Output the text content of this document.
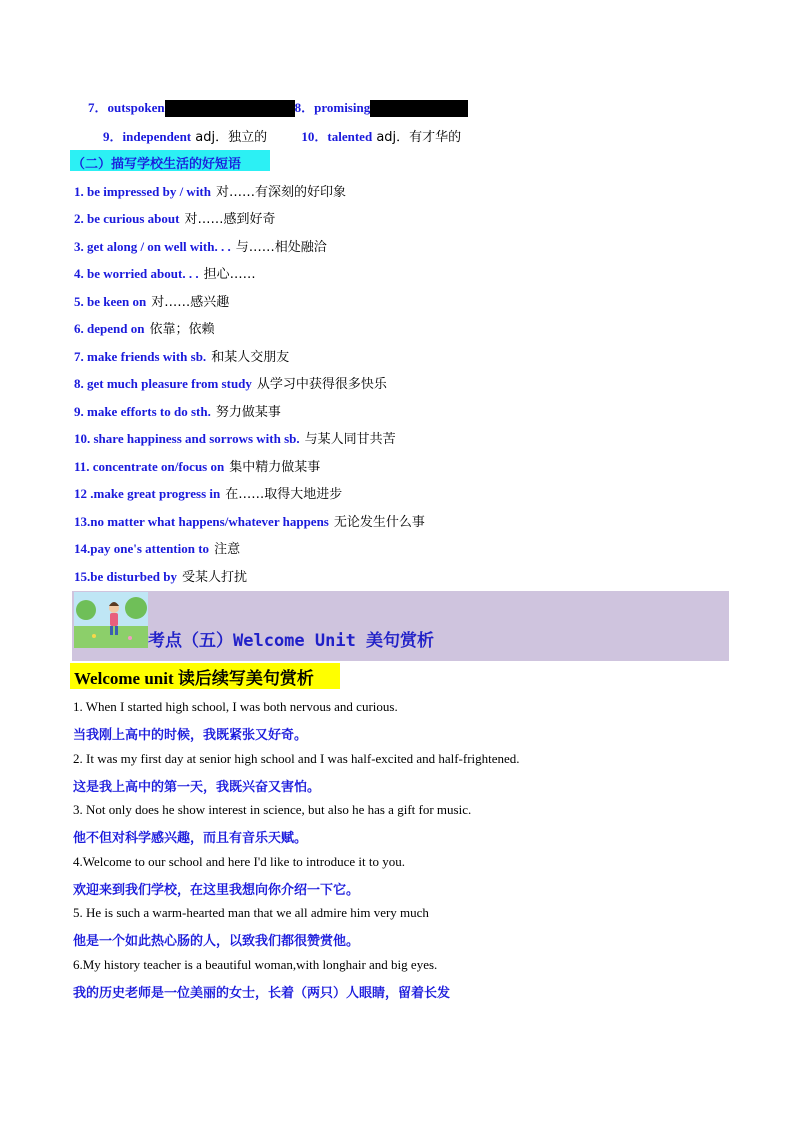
7．outspoken	8．promising
9．independent adj．独立的	10．talented adj．有才华的
（二）描写学校生活的好短语
1. be impressed by / with 对……有深刻的好印象
2. be curious about 对……感到好奇
3. get along / on well with. . . 与……相处融洽
4. be worried about. . . 担心……
5. be keen on 对……感兴趣
6. depend on 依靠；依赖
7. make friends with sb. 和某人交朋友
8. get much pleasure from study 从学习中获得很多快乐
9. make efforts to do sth. 努力做某事
10. share happiness and sorrows with sb. 与某人同甘共苦
11. concentrate on/focus on 集中精力做某事
12 .make great progress in 在……取得大地进步
13.no matter what happens/whatever happens 无论发生什么事
14.pay one's attention to 注意
15.be disturbed by 受某人打扰
考点（五）Welcome Unit 美句赏析
Welcome unit 读后续写美句赏析
1. When I started high school, I was both nervous and curious.
当我刚上高中的时候，我既紧张又好奇。
2. It was my first day at senior high school and I was half-excited and half-frightened.
这是我上高中的第一天，我既兴奋又害怕。
3. Not only does he show interest in science, but also he has a gift for music.
他不但对科学感兴趣，而且有音乐天赋。
4.Welcome to our school and here I'd like to introduce it to you.
欢迎来到我们学校，在这里我想向你介绍一下它。
5. He is such a warm-hearted man that we all admire him very much
他是一个如此热心肠的人，以致我们都很赞赏他。
6.My history teacher is a beautiful woman,with longhair and big eyes.
我的历史老师是一位美丽的女士，长着（两只）人眼睛，留着长发
